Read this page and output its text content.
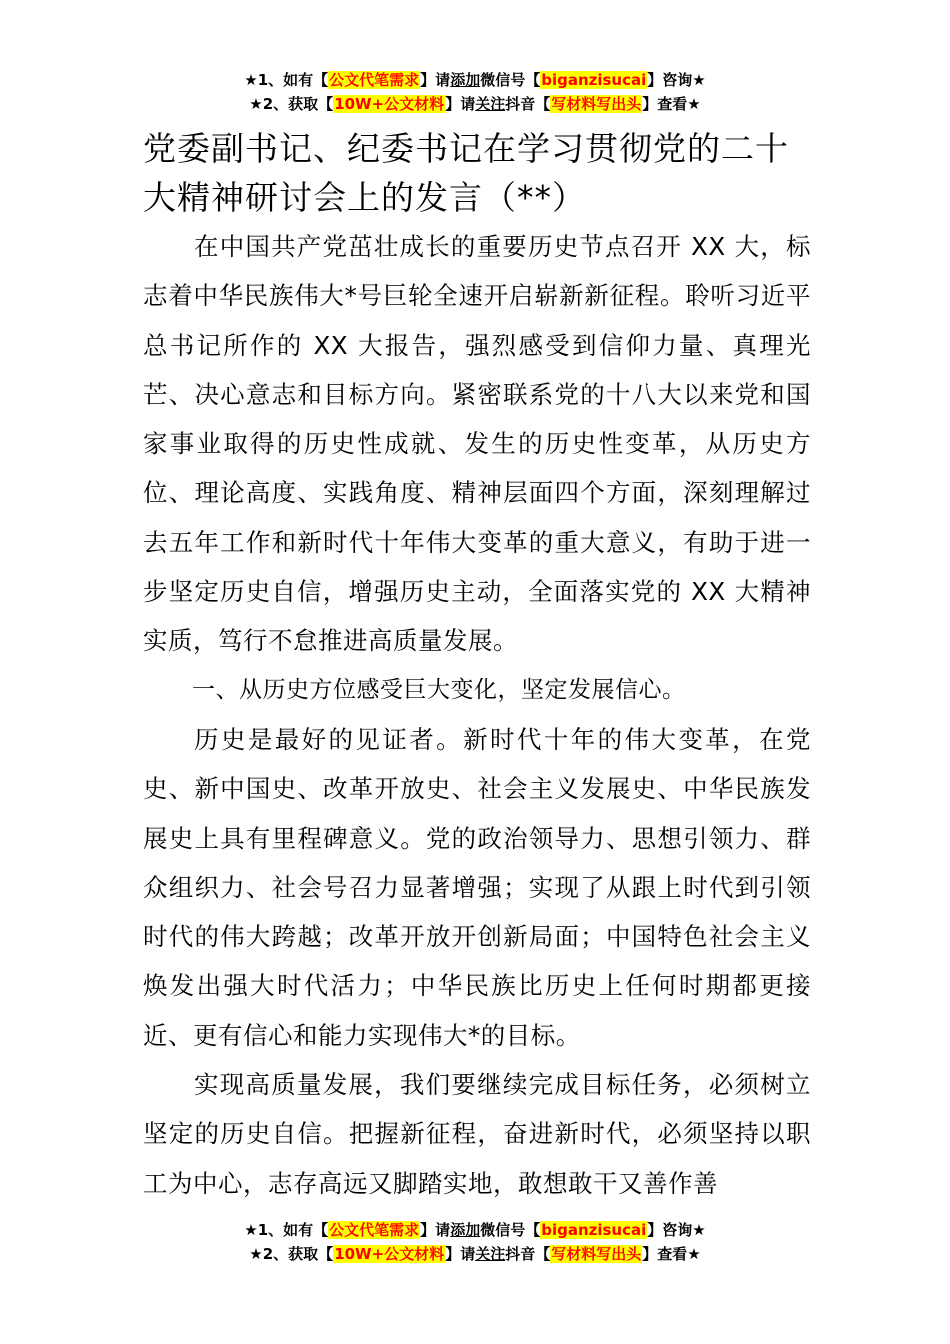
★1、如有【公文代笔需求】请添加微信号【biganzisucai】咨询★
★2、获取【10W+公文材料】请关注抖音【写材料写出头】查看★
党委副书记、纪委书记在学习贯彻党的二十大精神研讨会上的发言（**）

在中国共产党茁壮成长的重要历史节点召开 XX 大，标志着中华民族伟大*号巨轮全速开启崭新新征程。聆听习近平总书记所作的 XX 大报告，强烈感受到信仰力量、真理光芒、决心意志和目标方向。紧密联系党的十八大以来党和国家事业取得的历史性成就、发生的历史性变革，从历史方位、理论高度、实践角度、精神层面四个方面，深刻理解过去五年工作和新时代十年伟大变革的重大意义，有助于进一步坚定历史自信，增强历史主动，全面落实党的 XX 大精神实质，笃行不怠推进高质量发展。

一、从历史方位感受巨大变化，坚定发展信心。

历史是最好的见证者。新时代十年的伟大变革，在党史、新中国史、改革开放史、社会主义发展史、中华民族发展史上具有里程碑意义。党的政治领导力、思想引领力、群众组织力、社会号召力显著增强；实现了从跟上时代到引领时代的伟大跨越；改革开放开创新局面；中国特色社会主义焕发出强大时代活力；中华民族比历史上任何时期都更接近、更有信心和能力实现伟大*的目标。

实现高质量发展，我们要继续完成目标任务，必须树立坚定的历史自信。把握新征程，奋进新时代，必须坚持以职工为中心，志存高远又脚踏实地，敢想敢干又善作善

★1、如有【公文代笔需求】请添加微信号【biganzisucai】咨询★
★2、获取【10W+公文材料】请关注抖音【写材料写出头】查看★
